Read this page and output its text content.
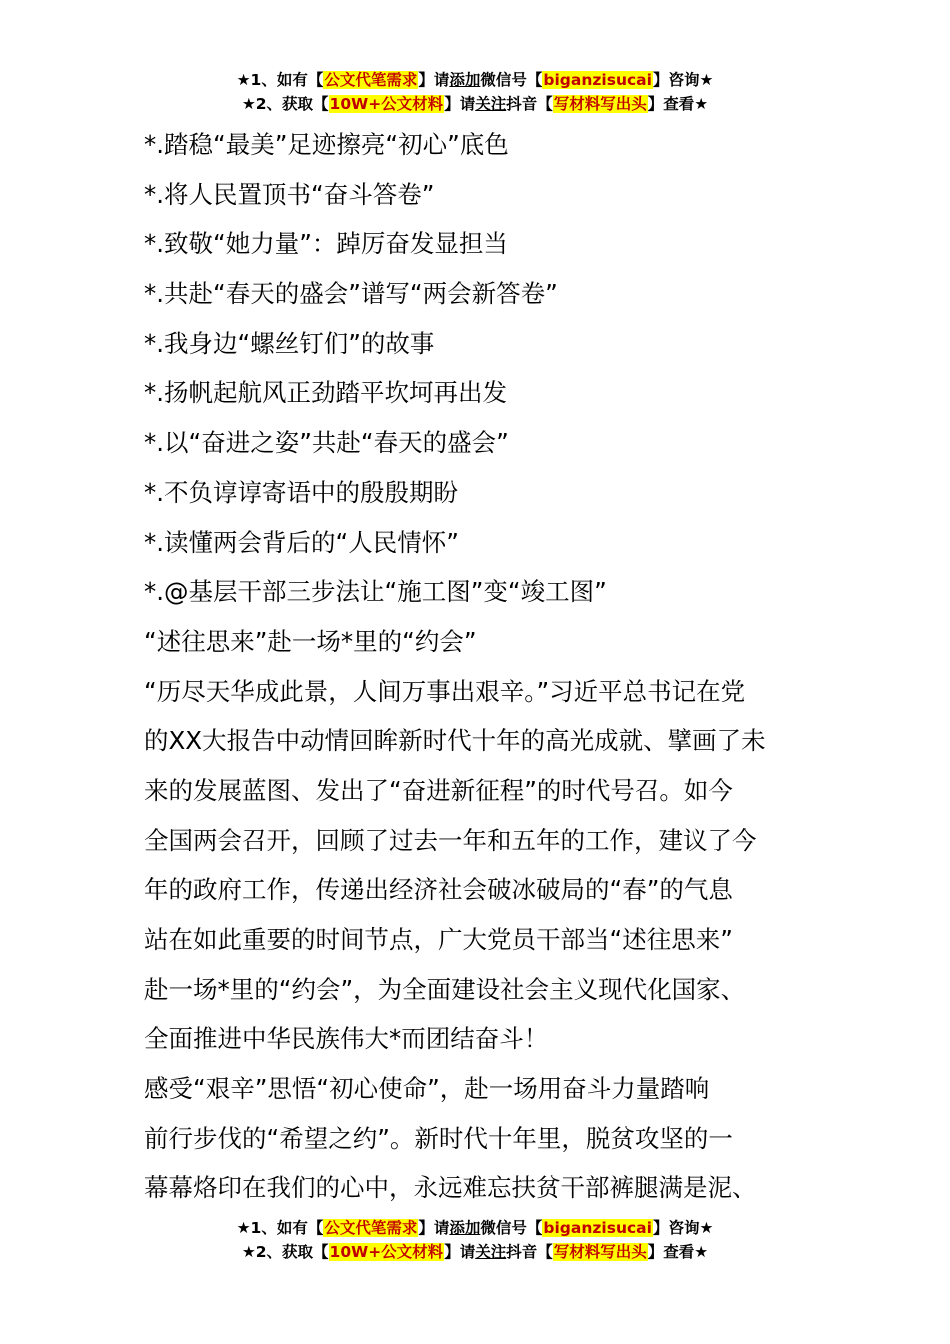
★1、如有【公文代笔需求】请添加微信号【biganzisucai】咨询★
★2、获取【10W+公文材料】请关注抖音【写材料写出头】查看★
*.踏稳“最美”足迹擦亮“初心”底色
*.将人民置顶书“奋斗答卷”
*.致敬“她力量”：踔厉奋发显担当
*.共赴“春天的盛会”谱写“两会新答卷”
*.我身边“螺丝钉们”的故事
*.扬帆起航风正劲踏平坎坷再出发
*.以“奋进之姿”共赴“春天的盛会”
*.不负谆谆寄语中的殷殷期盼
*.读懂两会背后的“人民情怀”
*.@基层干部三步法让“施工图”变“竣工图”
“述往思来”赴一场*里的“约会”
“历尽天华成此景，人间万事出艰辛。”习近平总书记在党
的XX大报告中动情回眸新时代十年的高光成就、擘画了未
来的发展蓝图、发出了“奋进新征程”的时代号召。如今
全国两会召开，回顾了过去一年和五年的工作，建议了今
年的政府工作，传递出经济社会破冰破局的“春”的气息
站在如此重要的时间节点，广大党员干部当“述往思来”
赴一场*里的“约会”，为全面建设社会主义现代化国家、
全面推进中华民族伟大*而团结奋斗！
感受“艰辛”思悟“初心使命”，赴一场用奋斗力量踏响
前行步伐的“希望之约”。新时代十年里，脱贫攻坚的一
幕幕烙印在我们的心中，永远难忘扶贫干部裤腿满是泥、
★1、如有【公文代笔需求】请添加微信号【biganzisucai】咨询★
★2、获取【10W+公文材料】请关注抖音【写材料写出头】查看★
